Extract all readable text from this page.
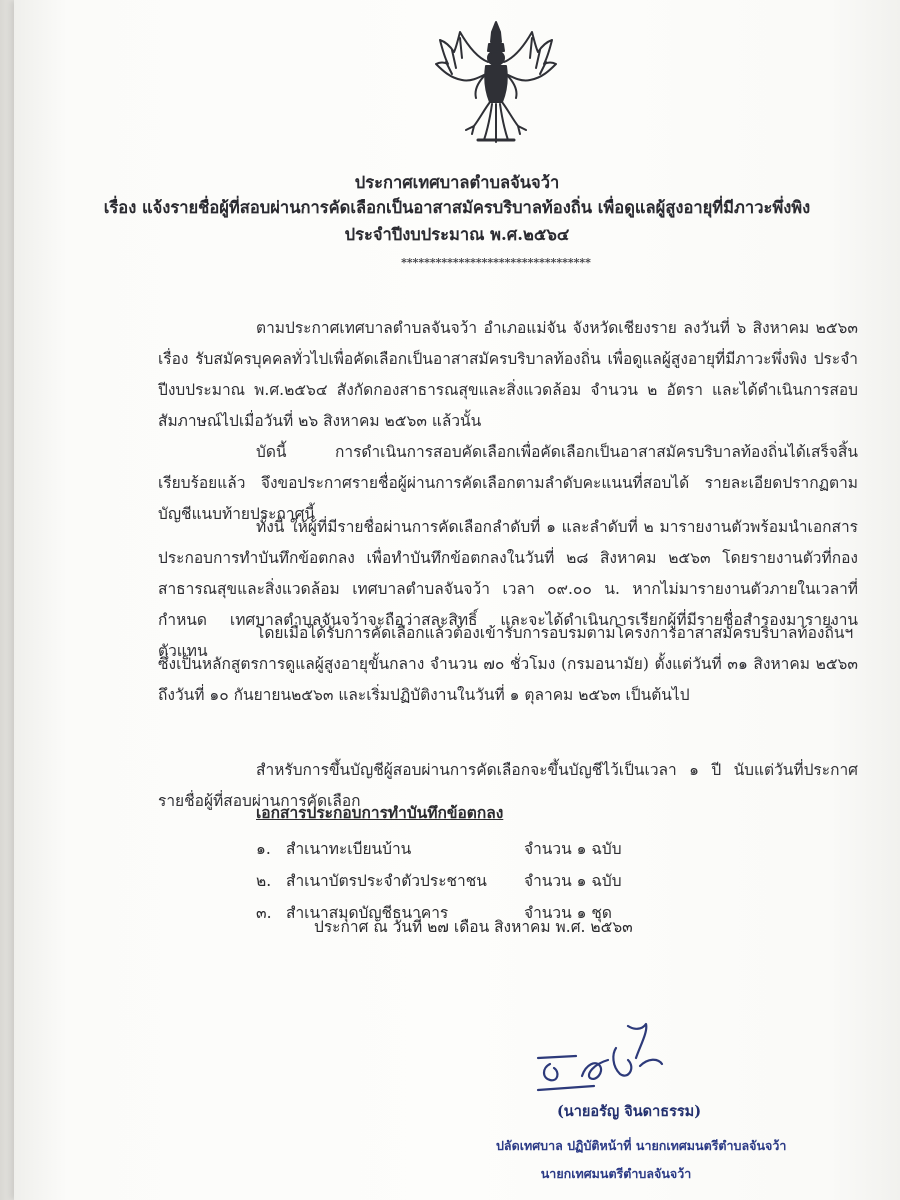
ประกาศเทศบาลตำบลจันจว้า
เรื่อง แจ้งรายชื่อผู้ที่สอบผ่านการคัดเลือกเป็นอาสาสมัครบริบาลท้องถิ่น เพื่อดูแลผู้สูงอายุที่มีภาวะพึ่งพิง
ประจำปีงบประมาณ พ.ศ.๒๕๖๔
*********************************

ตามประกาศเทศบาลตำบลจันจว้า อำเภอแม่จัน จังหวัดเชียงราย ลงวันที่ ๖ สิงหาคม ๒๕๖๓ เรื่อง รับสมัครบุคคลทั่วไปเพื่อคัดเลือกเป็นอาสาสมัครบริบาลท้องถิ่น เพื่อดูแลผู้สูงอายุที่มีภาวะพึ่งพิง ประจำปีงบประมาณ พ.ศ.๒๕๖๔ สังกัดกองสาธารณสุขและสิ่งแวดล้อม จำนวน ๒ อัตรา และได้ดำเนินการสอบสัมภาษณ์ไปเมื่อวันที่ ๒๖ สิงหาคม ๒๕๖๓ แล้วนั้น

บัดนี้ การดำเนินการสอบคัดเลือกเพื่อคัดเลือกเป็นอาสาสมัครบริบาลท้องถิ่นได้เสร็จสิ้นเรียบร้อยแล้ว จึงขอประกาศรายชื่อผู้ผ่านการคัดเลือกตามลำดับคะแนนที่สอบได้ รายละเอียดปรากฏตามบัญชีแนบท้ายประกาศนี้

ทั้งนี้ ให้ผู้ที่มีรายชื่อผ่านการคัดเลือกลำดับที่ ๑ และลำดับที่ ๒ มารายงานตัวพร้อมนำเอกสารประกอบการทำบันทึกข้อตกลง เพื่อทำบันทึกข้อตกลงในวันที่ ๒๘ สิงหาคม ๒๕๖๓ โดยรายงานตัวที่กองสาธารณสุขและสิ่งแวดล้อม เทศบาลตำบลจันจว้า เวลา ๐๙.๐๐ น. หากไม่มารายงานตัวภายในเวลาที่กำหนด เทศบาลตำบลจันจว้าจะถือว่าสละสิทธิ์ และจะได้ดำเนินการเรียกผู้ที่มีรายชื่อสำรองมารายงานตัวแทน

โดยเมื่อได้รับการคัดเลือกแล้วต้องเข้ารับการอบรมตามโครงการอาสาสมัครบริบาลท้องถิ่นฯ ซึ่งเป็นหลักสูตรการดูแลผู้สูงอายุขั้นกลาง จำนวน ๗๐ ชั่วโมง (กรมอนามัย) ตั้งแต่วันที่ ๓๑ สิงหาคม ๒๕๖๓ ถึงวันที่ ๑๐ กันยายน๒๕๖๓ และเริ่มปฏิบัติงานในวันที่ ๑ ตุลาคม ๒๕๖๓ เป็นต้นไป

สำหรับการขึ้นบัญชีผู้สอบผ่านการคัดเลือกจะขึ้นบัญชีไว้เป็นเวลา ๑ ปี นับแต่วันที่ประกาศรายชื่อผู้ที่สอบผ่านการคัดเลือก

เอกสารประกอบการทำบันทึกข้อตกลง
๑. สำเนาทะเบียนบ้าน	จำนวน ๑ ฉบับ
๒. สำเนาบัตรประจำตัวประชาชน จำนวน ๑ ฉบับ
๓. สำเนาสมุดบัญชีธนาคาร	จำนวน ๑ ชุด
ประกาศ ณ วันที่ ๒๗ เดือน สิงหาคม พ.ศ. ๒๕๖๓
(นายอรัญ จินดาธรรม)
ปลัดเทศบาล ปฏิบัติหน้าที่ นายกเทศมนตรีตำบลจันจว้า
นายกเทศมนตรีตำบลจันจว้า
